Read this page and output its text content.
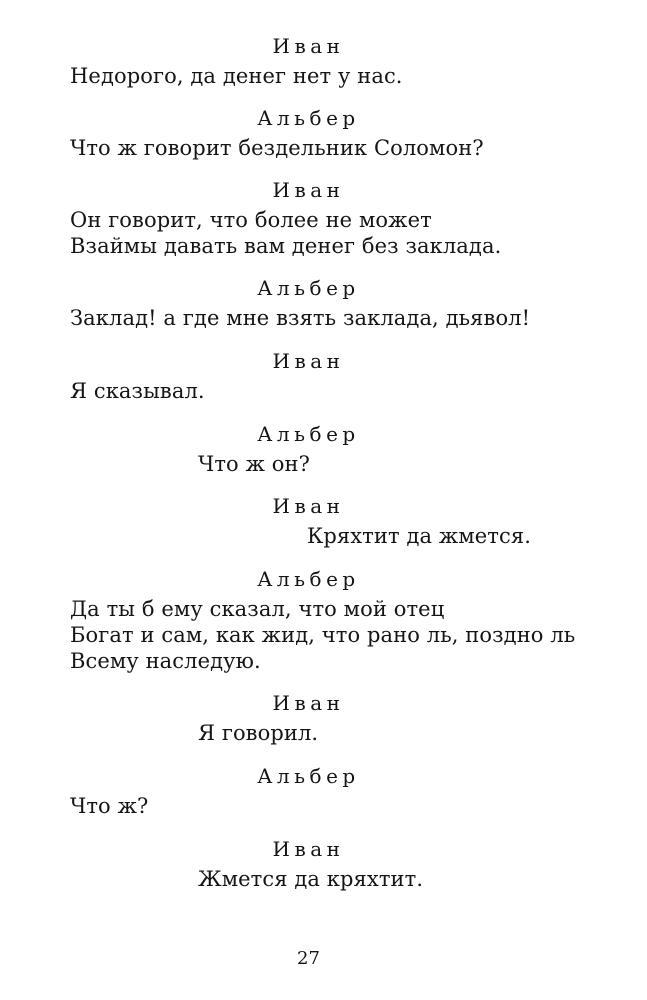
Иван
Недорого, да денег нет у нас.
Альбер
Что ж говорит бездельник Соломон?
Иван
Он говорит, что более не может
Взаймы давать вам денег без заклада.
Альбер
Заклад! а где мне взять заклада, дьявол!
Иван
Я сказывал.
Альбер
Что ж он?
Иван
Кряхтит да жмется.
Альбер
Да ты б ему сказал, что мой отец
Богат и сам, как жид, что рано ль, поздно ль
Всему наследую.
Иван
Я говорил.
Альбер
Что ж?
Иван
Жмется да кряхтит.
27
